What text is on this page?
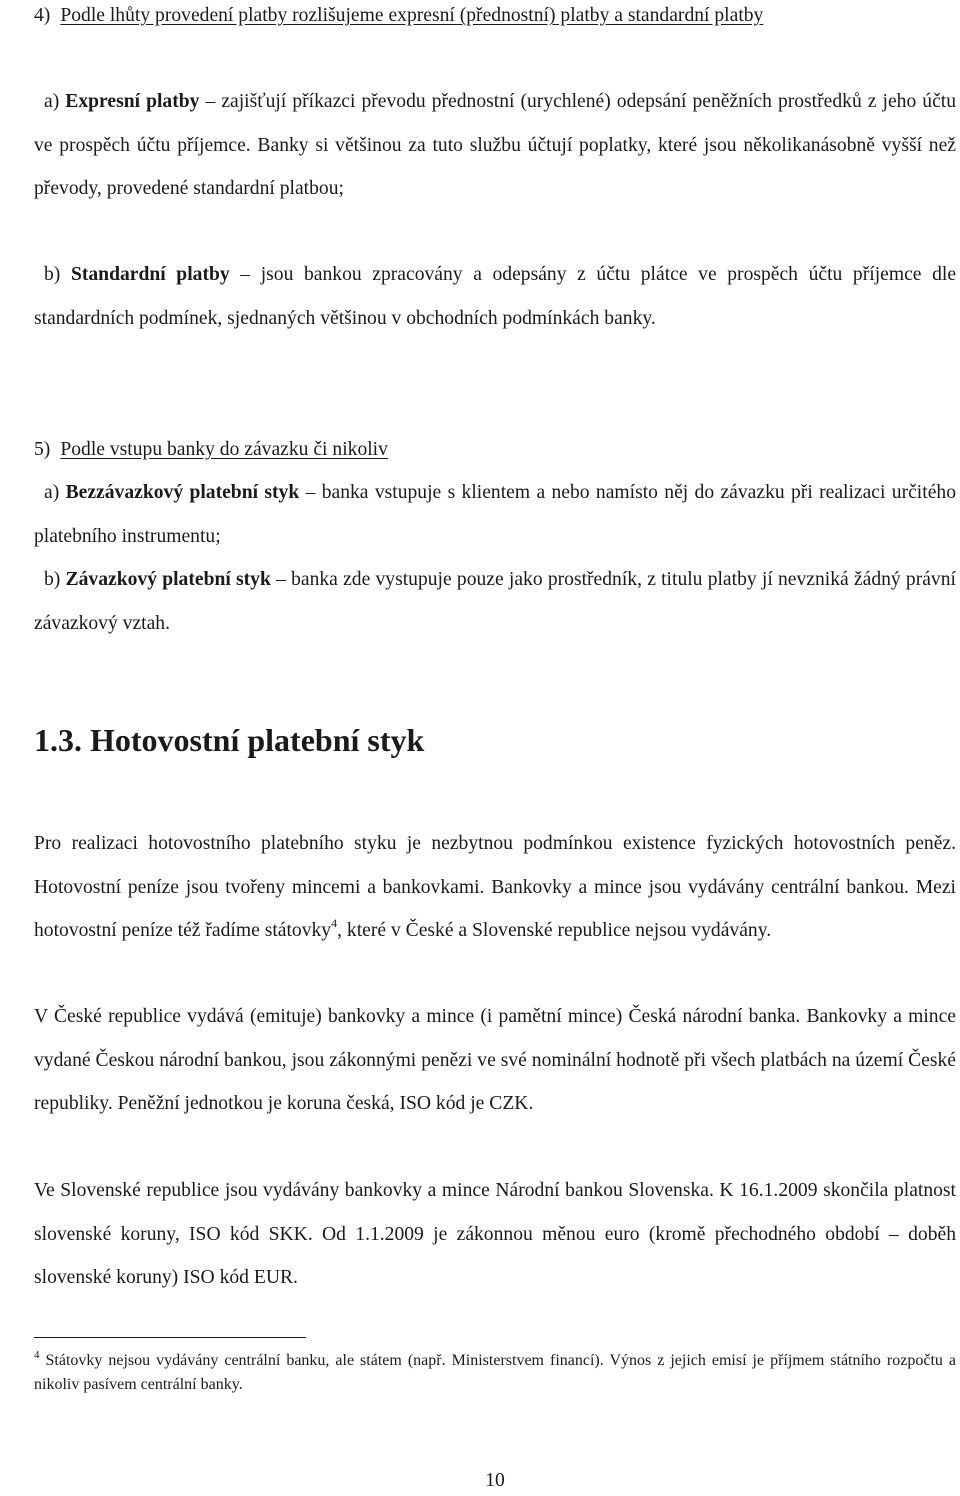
4) Podle lhůty provedení platby rozlišujeme expresní (přednostní) platby a standardní platby

a) Expresní platby – zajišťují příkazci převodu přednostní (urychlené) odepsání peněžních prostředků z jeho účtu ve prospěch účtu příjemce. Banky si většinou za tuto službu účtují poplatky, které jsou několikanásobně vyšší než převody, provedené standardní platbou;

b) Standardní platby – jsou bankou zpracovány a odepsány z účtu plátce ve prospěch účtu příjemce dle standardních podmínek, sjednaných většinou v obchodních podmínkách banky.

5) Podle vstupu banky do závazku či nikoliv

a) Bezzávazkový platební styk – banka vstupuje s klientem a nebo namísto něj do závazku při realizaci určitého platebního instrumentu;

b) Závazkový platební styk – banka zde vystupuje pouze jako prostředník, z titulu platby jí nevzniká žádný právní závazkový vztah.

1.3. Hotovostní platební styk

Pro realizaci hotovostního platebního styku je nezbytnou podmínkou existence fyzických hotovostních peněz. Hotovostní peníze jsou tvořeny mincemi a bankovkami. Bankovky a mince jsou vydávány centrální bankou. Mezi hotovostní peníze též řadíme státovky$^4$, které v České a Slovenské republice nejsou vydávány.

V České republice vydává (emituje) bankovky a mince (i pamětní mince) Česká národní banka. Bankovky a mince vydané Českou národní bankou, jsou zákonnými penězi ve své nominální hodnotě při všech platbách na území České republiky. Peněžní jednotkou je koruna česká, ISO kód je CZK.

Ve Slovenské republice jsou vydávány bankovky a mince Národní bankou Slovenska. K 16.1.2009 skončila platnost slovenské koruny, ISO kód SKK. Od 1.1.2009 je zákonnou měnou euro (kromě přechodného období – doběh slovenské koruny) ISO kód EUR.

$^4$ Státovky nejsou vydávány centrální banku, ale státem (např. Ministerstvem financí). Výnos z jejich emisí je příjmem státního rozpočtu a nikoliv pasívem centrální banky.

10
